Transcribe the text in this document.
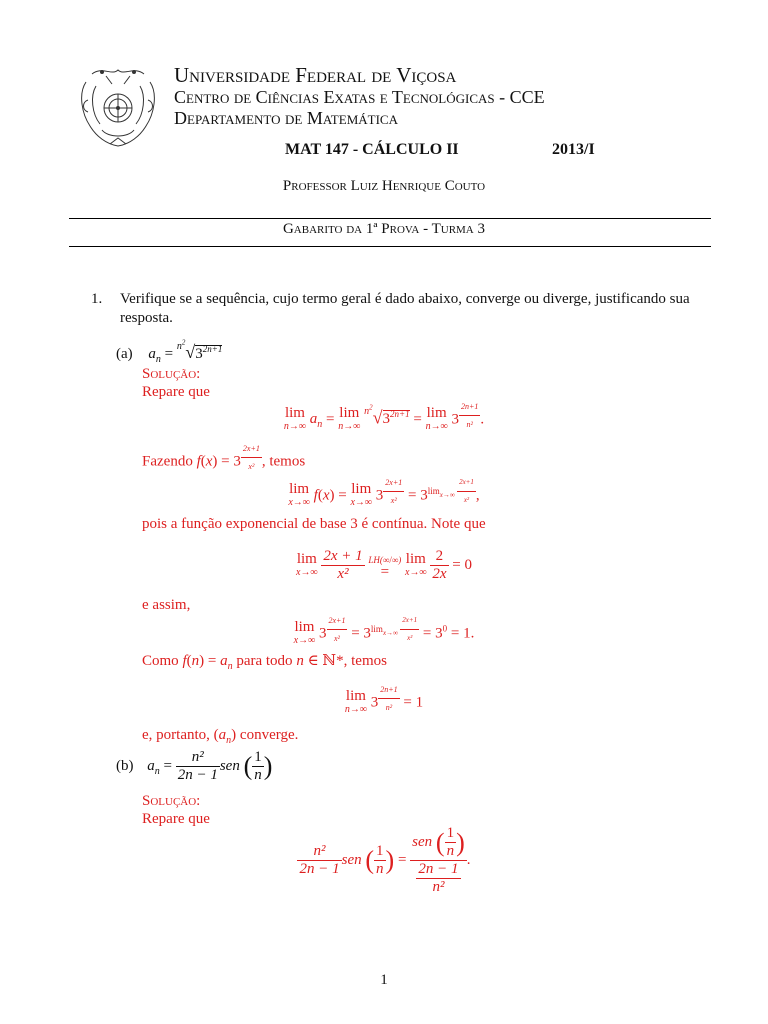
Universidade Federal de Viçosa
Centro de Ciências Exatas e Tecnológicas - CCE
Departamento de Matemática
MAT 147 - CÁLCULO II	2013/I
Professor Luiz Henrique Couto
Gabarito da 1ª Prova - Turma 3
1. Verifique se a sequência, cujo termo geral é dado abaixo, converge ou diverge, justificando sua resposta.
(a) $a_n = ^{n^2}√3^{2n+1}$
Solução:
Repare que
lim
n→∞ $a_n = \lim$
n→∞
$^{n^2}√3^{2n+1} = \lim$
n→∞ 3 $^{\frac{2n+1}{\text{n²}}}$ .
Fazendo f(x) = 3 $^{\frac{2x+1}{\text{x²}}}$ , temos
lim
x→∞ f(x) = lim
x→∞ 3 $^{\frac{2x+1}{\text{x²}}} = 3^{lim_{x\to\infty} \frac{2x+1}{\text{x²}}}$ ,
pois a função exponencial de base 3 é contínua. Note que
lim
x→∞
$\frac{2x + 1}{\text{x²}}$
LH(∞/∞)
=
lim
x→∞
$\frac{2}{2x} = 0$
e assim,
lim
x→∞ 3 $^{\frac{2x+1}{\text{x²}}} = 3^{lim_{x\to\infty} \frac{2x+1}{\text{x²}}} = 3^0 = 1$.
Como $f(n) = a_n$ para todo n ∈ ℕ*, temos
lim
n→∞ 3 $^{\frac{2n+1}{\text{n²}}}$ = 1
e, portanto, $(a_n)$ converge.
(b) $a_n = \frac{\text{n²}}{2n - 1}$ sen ( $\frac{1}{n}$ )
Solução:
Repare que
$\frac{\text{n²}}{2n - 1}$ sen ( $\frac{1}{n}$ ) = $\frac{sen ( \frac{1}{n} )}{\frac{2n - 1}{\text{n²}}}$ .
1
